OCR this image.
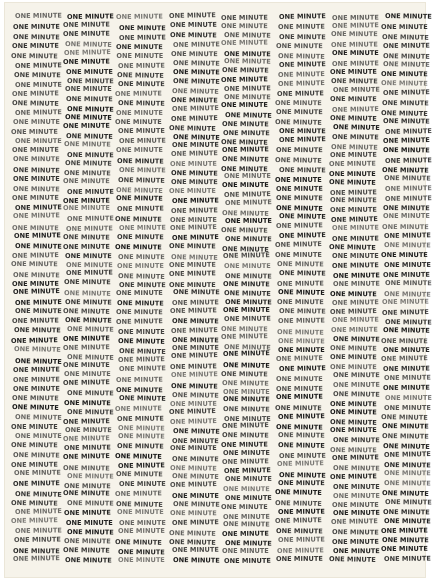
ONE MINUTE
ONE MINUTE
ONE MINUTE
ONE MINUTE
ONE MINUTE
ONE MINUTE
ONE MINUTE
ONE MINUTE
ONE MINUTE
ONE MINUTE
ONE MINUTE
ONE MINUTE
ONE MINUTE
ONE MINUTE
ONE MINUTE
ONE MINUTE
ONE MINUTE
ONE MINUTE
ONE MINUTE
ONE MINUTE
ONE MINUTE
ONE MINUTE
ONE MINUTE
ONE MINUTE
ONE MINUTE
ONE MINUTE
ONE MINUTE
ONE MINUTE
ONE MINUTE
ONE MINUTE
ONE MINUTE
ONE MINUTE
ONE MINUTE
ONE MINUTE
ONE MINUTE
ONE MINUTE
ONE MINUTE
ONE MINUTE
ONE MINUTE
ONE MINUTE
ONE MINUTE
ONE MINUTE
ONE MINUTE
ONE MINUTE
ONE MINUTE
ONE MINUTE
ONE MINUTE
ONE MINUTE
ONE MINUTE
ONE MINUTE
ONE MINUTE
ONE MINUTE
ONE MINUTE
ONE MINUTE
ONE MINUTE
ONE MINUTE
ONE MINUTE
ONE MINUTE
ONE MINUTE
ONE MINUTE
ONE MINUTE
ONE MINUTE
ONE MINUTE
ONE MINUTE
ONE MINUTE
ONE MINUTE
ONE MINUTE
ONE MINUTE
ONE MINUTE
ONE MINUTE
ONE MINUTE
ONE MINUTE
ONE MINUTE
ONE MINUTE
ONE MINUTE
ONE MINUTE
ONE MINUTE
ONE MINUTE
ONE MINUTE
ONE MINUTE
ONE MINUTE
ONE MINUTE
ONE MINUTE
ONE MINUTE
ONE MINUTE
ONE MINUTE
ONE MINUTE
ONE MINUTE
ONE MINUTE
ONE MINUTE
ONE MINUTE
ONE MINUTE
ONE MINUTE
ONE MINUTE
ONE MINUTE
ONE MINUTE
ONE MINUTE
ONE MINUTE
ONE MINUTE
ONE MINUTE
ONE MINUTE
ONE MINUTE
ONE MINUTE
ONE MINUTE
ONE MINUTE
ONE MINUTE
ONE MINUTE
ONE MINUTE
ONE MINUTE
ONE MINUTE
ONE MINUTE
ONE MINUTE
ONE MINUTE
ONE MINUTE
ONE MINUTE
ONE MINUTE
ONE MINUTE
ONE MINUTE
ONE MINUTE
ONE MINUTE
ONE MINUTE
ONE MINUTE
ONE MINUTE
ONE MINUTE
ONE MINUTE
ONE MINUTE
ONE MINUTE
ONE MINUTE
ONE MINUTE
ONE MINUTE
ONE MINUTE
ONE MINUTE
ONE MINUTE
ONE MINUTE
ONE MINUTE
ONE MINUTE
ONE MINUTE
ONE MINUTE
ONE MINUTE
ONE MINUTE
ONE MINUTE
ONE MINUTE
ONE MINUTE
ONE MINUTE
ONE MINUTE
ONE MINUTE
ONE MINUTE
ONE MINUTE
ONE MINUTE
ONE MINUTE
ONE MINUTE
ONE MINUTE
ONE MINUTE
ONE MINUTE
ONE MINUTE
ONE MINUTE
ONE MINUTE
ONE MINUTE
ONE MINUTE
ONE MINUTE
ONE MINUTE
ONE MINUTE
ONE MINUTE
ONE MINUTE
ONE MINUTE
ONE MINUTE
ONE MINUTE
ONE MINUTE
ONE MINUTE
ONE MINUTE
ONE MINUTE
ONE MINUTE
ONE MINUTE
ONE MINUTE
ONE MINUTE
ONE MINUTE
ONE MINUTE
ONE MINUTE
ONE MINUTE
ONE MINUTE
ONE MINUTE
ONE MINUTE
ONE MINUTE
ONE MINUTE
ONE MINUTE
ONE MINUTE
ONE MINUTE
ONE MINUTE
ONE MINUTE
ONE MINUTE
ONE MINUTE
ONE MINUTE
ONE MINUTE
ONE MINUTE
ONE MINUTE
ONE MINUTE
ONE MINUTE
ONE MINUTE
ONE MINUTE
ONE MINUTE
ONE MINUTE
ONE MINUTE
ONE MINUTE
ONE MINUTE
ONE MINUTE
ONE MINUTE
ONE MINUTE
ONE MINUTE
ONE MINUTE
ONE MINUTE
ONE MINUTE
ONE MINUTE
ONE MINUTE
ONE MINUTE
ONE MINUTE
ONE MINUTE
ONE MINUTE
ONE MINUTE
ONE MINUTE
ONE MINUTE
ONE MINUTE
ONE MINUTE
ONE MINUTE
ONE MINUTE
ONE MINUTE
ONE MINUTE
ONE MINUTE
ONE MINUTE
ONE MINUTE
ONE MINUTE
ONE MINUTE
ONE MINUTE
ONE MINUTE
ONE MINUTE
ONE MINUTE
ONE MINUTE
ONE MINUTE
ONE MINUTE
ONE MINUTE
ONE MINUTE
ONE MINUTE
ONE MINUTE
ONE MINUTE
ONE MINUTE
ONE MINUTE
ONE MINUTE
ONE MINUTE
ONE MINUTE
ONE MINUTE
ONE MINUTE
ONE MINUTE
ONE MINUTE
ONE MINUTE
ONE MINUTE
ONE MINUTE
ONE MINUTE
ONE MINUTE
ONE MINUTE
ONE MINUTE
ONE MINUTE
ONE MINUTE
ONE MINUTE
ONE MINUTE
ONE MINUTE
ONE MINUTE
ONE MINUTE
ONE MINUTE
ONE MINUTE
ONE MINUTE
ONE MINUTE
ONE MINUTE
ONE MINUTE
ONE MINUTE
ONE MINUTE
ONE MINUTE
ONE MINUTE
ONE MINUTE
ONE MINUTE
ONE MINUTE
ONE MINUTE
ONE MINUTE
ONE MINUTE
ONE MINUTE
ONE MINUTE
ONE MINUTE
ONE MINUTE
ONE MINUTE
ONE MINUTE
ONE MINUTE
ONE MINUTE
ONE MINUTE
ONE MINUTE
ONE MINUTE
ONE MINUTE
ONE MINUTE
ONE MINUTE
ONE MINUTE
ONE MINUTE
ONE MINUTE
ONE MINUTE
ONE MINUTE
ONE MINUTE
ONE MINUTE
ONE MINUTE
ONE MINUTE
ONE MINUTE
ONE MINUTE
ONE MINUTE
ONE MINUTE
ONE MINUTE
ONE MINUTE
ONE MINUTE
ONE MINUTE
ONE MINUTE
ONE MINUTE
ONE MINUTE
ONE MINUTE
ONE MINUTE
ONE MINUTE
ONE MINUTE
ONE MINUTE
ONE MINUTE
ONE MINUTE
ONE MINUTE
ONE MINUTE
ONE MINUTE
ONE MINUTE
ONE MINUTE
ONE MINUTE
ONE MINUTE
ONE MINUTE
ONE MINUTE
ONE MINUTE
ONE MINUTE
ONE MINUTE
ONE MINUTE
ONE MINUTE
ONE MINUTE
ONE MINUTE
ONE MINUTE
ONE MINUTE
ONE MINUTE
ONE MINUTE
ONE MINUTE
ONE MINUTE
ONE MINUTE
ONE MINUTE
ONE MINUTE
ONE MINUTE
ONE MINUTE
ONE MINUTE
ONE MINUTE
ONE MINUTE
ONE MINUTE
ONE MINUTE
ONE MINUTE
ONE MINUTE
ONE MINUTE
ONE MINUTE
ONE MINUTE
ONE MINUTE
ONE MINUTE
ONE MINUTE
ONE MINUTE
ONE MINUTE
ONE MINUTE
ONE MINUTE
ONE MINUTE
ONE MINUTE
ONE MINUTE
ONE MINUTE
ONE MINUTE
ONE MINUTE
ONE MINUTE
ONE MINUTE
ONE MINUTE
ONE MINUTE
ONE MINUTE
ONE MINUTE
ONE MINUTE
ONE MINUTE
ONE MINUTE
ONE MINUTE
ONE MINUTE
ONE MINUTE
ONE MINUTE
ONE MINUTE
ONE MINUTE
ONE MINUTE
ONE MINUTE
ONE MINUTE
ONE MINUTE
ONE MINUTE
ONE MINUTE
ONE MINUTE
ONE MINUTE
ONE MINUTE
ONE MINUTE
ONE MINUTE
ONE MINUTE
ONE MINUTE
ONE MINUTE
ONE MINUTE
ONE MINUTE
ONE MINUTE
ONE MINUTE
ONE MINUTE
ONE MINUTE
ONE MINUTE
ONE MINUTE
ONE MINUTE
ONE MINUTE
ONE MINUTE
ONE MINUTE
ONE MINUTE
ONE MINUTE
ONE MINUTE
ONE MINUTE
ONE MINUTE
ONE MINUTE
ONE MINUTE
ONE MINUTE
ONE MINUTE
ONE MINUTE
ONE MINUTE
ONE MINUTE
ONE MINUTE
ONE MINUTE
ONE MINUTE
ONE MINUTE
ONE MINUTE
ONE MINUTE
ONE MINUTE
ONE MINUTE
ONE MINUTE
ONE MINUTE
ONE MINUTE
ONE MINUTE
ONE MINUTE
ONE MINUTE
ONE MINUTE
ONE MINUTE
ONE MINUTE
ONE MINUTE
ONE MINUTE
ONE MINUTE
ONE MINUTE
ONE MINUTE
ONE MINUTE
ONE MINUTE
ONE MINUTE
ONE MINUTE
ONE MINUTE
ONE MINUTE
ONE MINUTE
ONE MINUTE
ONE MINUTE
ONE MINUTE
ONE MINUTE
ONE MINUTE
ONE MINUTE
ONE MINUTE
ONE MINUTE
ONE MINUTE
ONE MINUTE
ONE MINUTE
ONE MINUTE
ONE MINUTE
ONE MINUTE
ONE MINUTE
ONE MINUTE
ONE MINUTE
ONE MINUTE
ONE MINUTE
